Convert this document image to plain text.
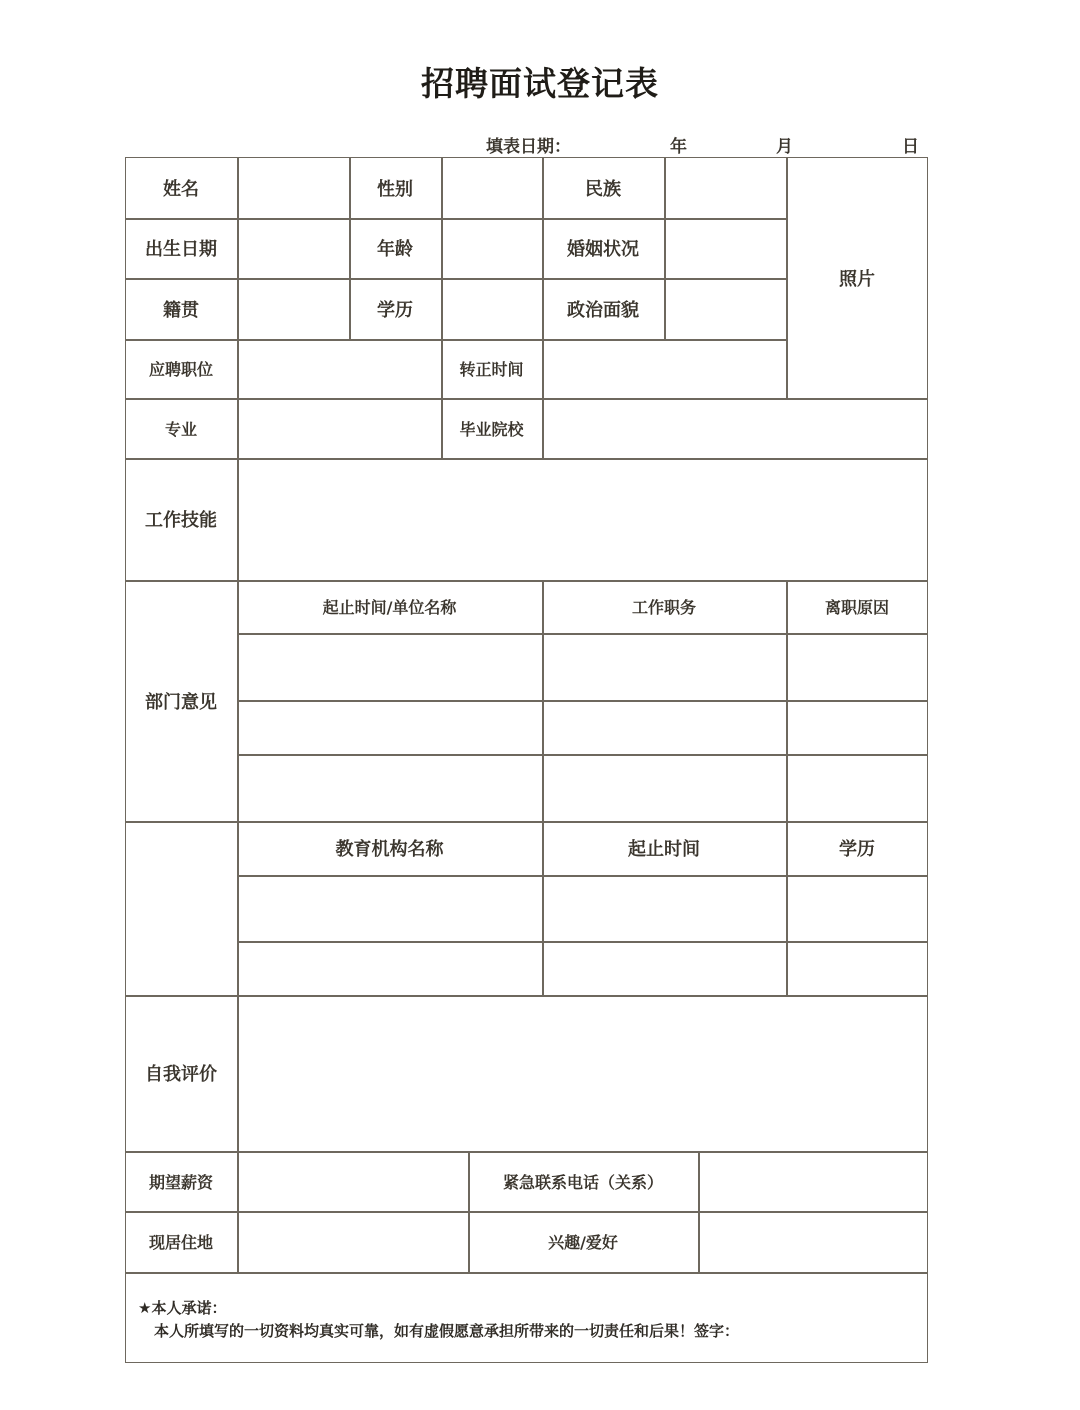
招聘面试登记表
填表日期：	年	月	日
姓名	性别	民族
出生日期	年龄	婚姻状况
籍贯	学历	政治面貌
照片
应聘职位	转正时间
专业	毕业院校
工作技能
部门意见
起止时间/单位名称	工作职务	离职原因
教育机构名称	起止时间	学历
自我评价
期望薪资	紧急联系电话（关系）
现居住地	兴趣/爱好
★本人承诺：
本人所填写的一切资料均真实可靠，如有虚假愿意承担所带来的一切责任和后果！签字：
